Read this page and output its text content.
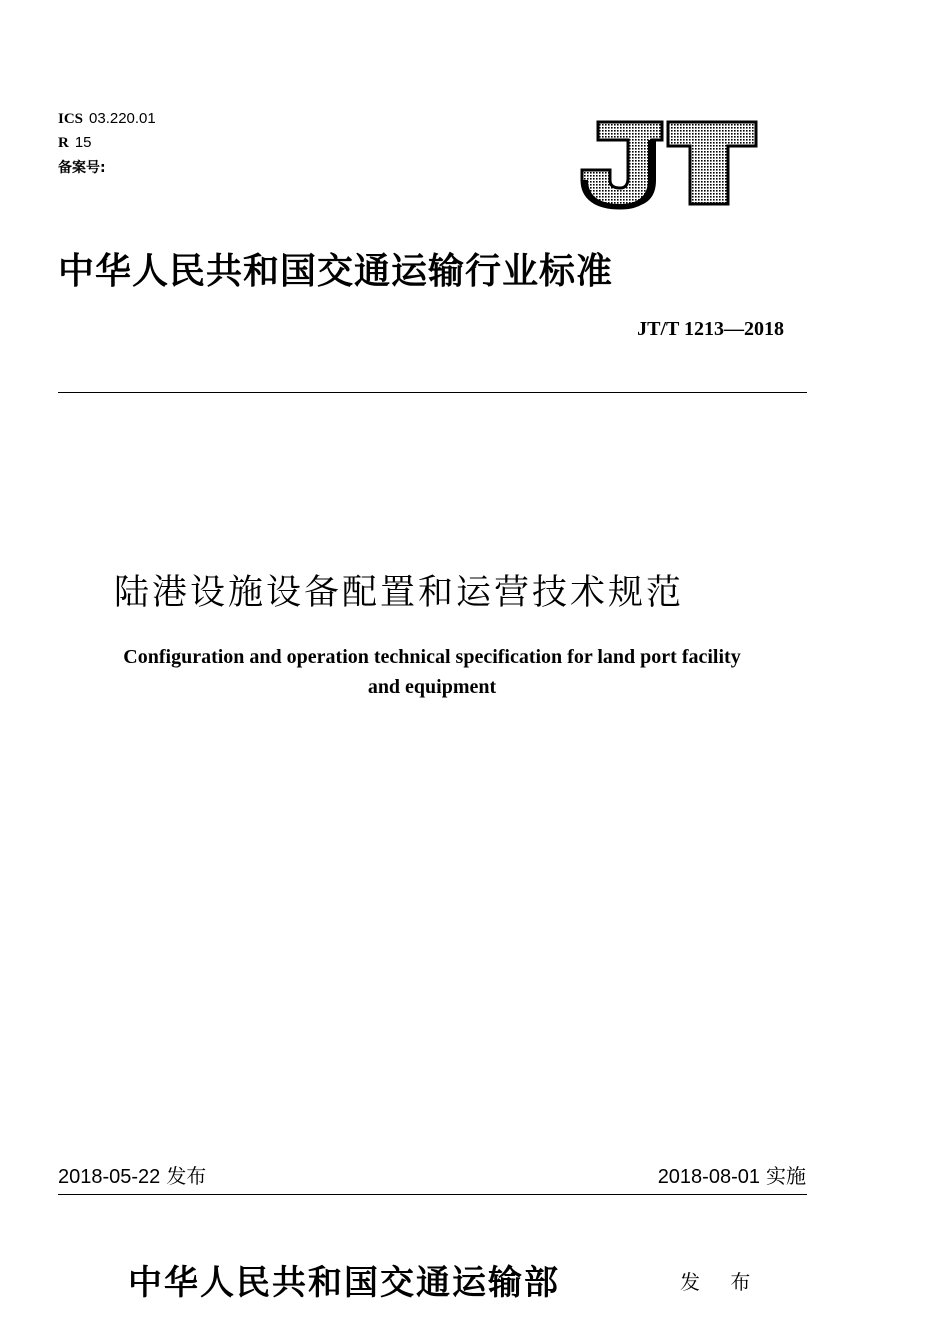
ICS 03.220.01
R 15
备案号:
中华人民共和国交通运输行业标准
JT/T 1213—2018
陆港设施设备配置和运营技术规范
Configuration and operation technical specification for land port facility
and equipment
2018-05-22 发布	2018-08-01 实施
中华人民共和国交通运输部	发 布
